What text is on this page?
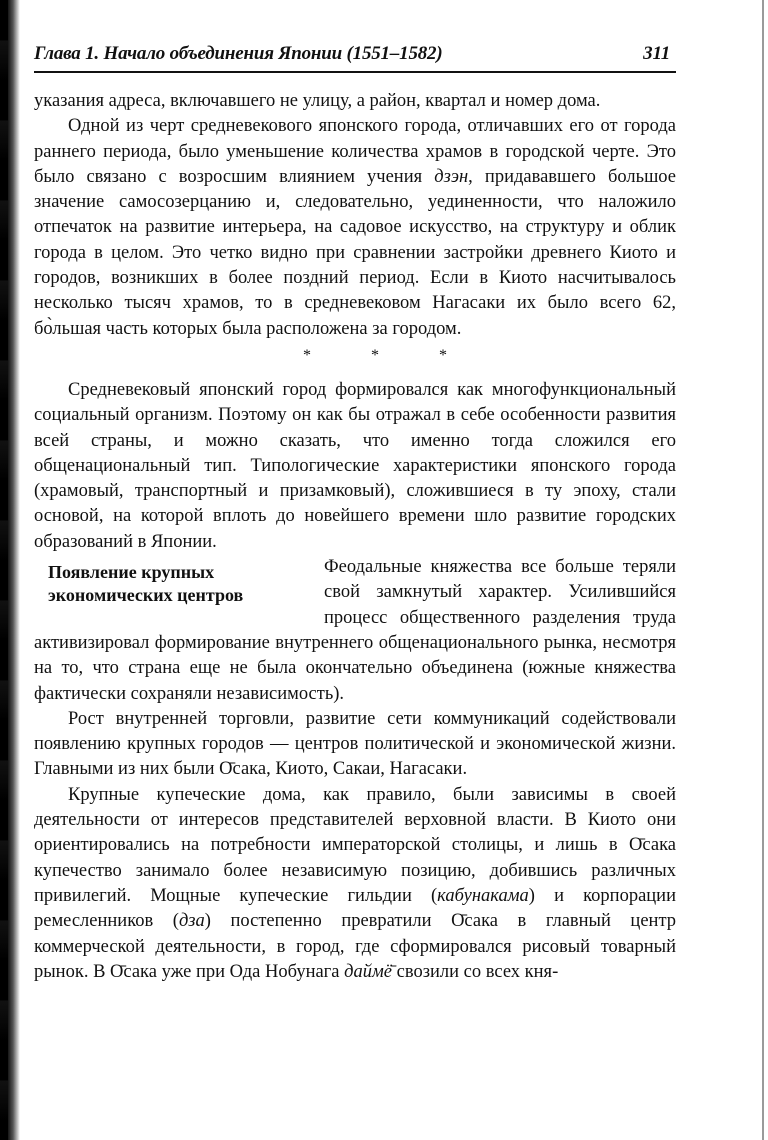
Глава 1. Начало объединения Японии (1551–1582)	311

указания адреса, включавшего не улицу, а район, квартал и номер дома.

Одной из черт средневекового японского города, отличавших его от города раннего периода, было уменьшение количества храмов в городской черте. Это было связано с возросшим влиянием учения дзэн, придававшего большое значение самосозерцанию и, следовательно, уединенности, что наложило отпечаток на развитие интерьера, на садовое искусство, на структуру и облик города в целом. Это четко видно при сравнении застройки древнего Киото и городов, возникших в более поздний период. Если в Киото насчитывалось несколько тысяч храмов, то в средневековом Нагасаки их было всего 62, бо̀льшая часть которых была расположена за городом.

*	*	*

Средневековый японский город формировался как многофункциональный социальный организм. Поэтому он как бы отражал в себе особенности развития всей страны, и можно сказать, что именно тогда сложился его общенациональный тип. Типологические характеристики японского города (храмовый, транспортный и призамковый), сложившиеся в ту эпоху, стали основой, на которой вплоть до новейшего времени шло развитие городских образований в Японии.

Появление крупных экономических центров

Феодальные княжества все больше теряли свой замкнутый характер. Усилившийся процесс общественного разделения труда активизировал формирование внутреннего общенационального рынка, несмотря на то, что страна еще не была окончательно объединена (южные княжества фактически сохраняли независимость).

Рост внутренней торговли, развитие сети коммуникаций содействовали появлению крупных городов — центров политической и экономической жизни. Главными из них были О̄сака, Киото, Сакаи, Нагасаки.

Крупные купеческие дома, как правило, были зависимы в своей деятельности от интересов представителей верховной власти. В Киото они ориентировались на потребности императорской столицы, и лишь в О̄сака купечество занимало более независимую позицию, добившись различных привилегий. Мощные купеческие гильдии (кабунакама) и корпорации ремесленников (дза) постепенно превратили О̄сака в главный центр коммерческой деятельности, в город, где сформировался рисовый товарный рынок. В О̄сака уже при Ода Нобунага даймё̄ свозили со всех кня-
